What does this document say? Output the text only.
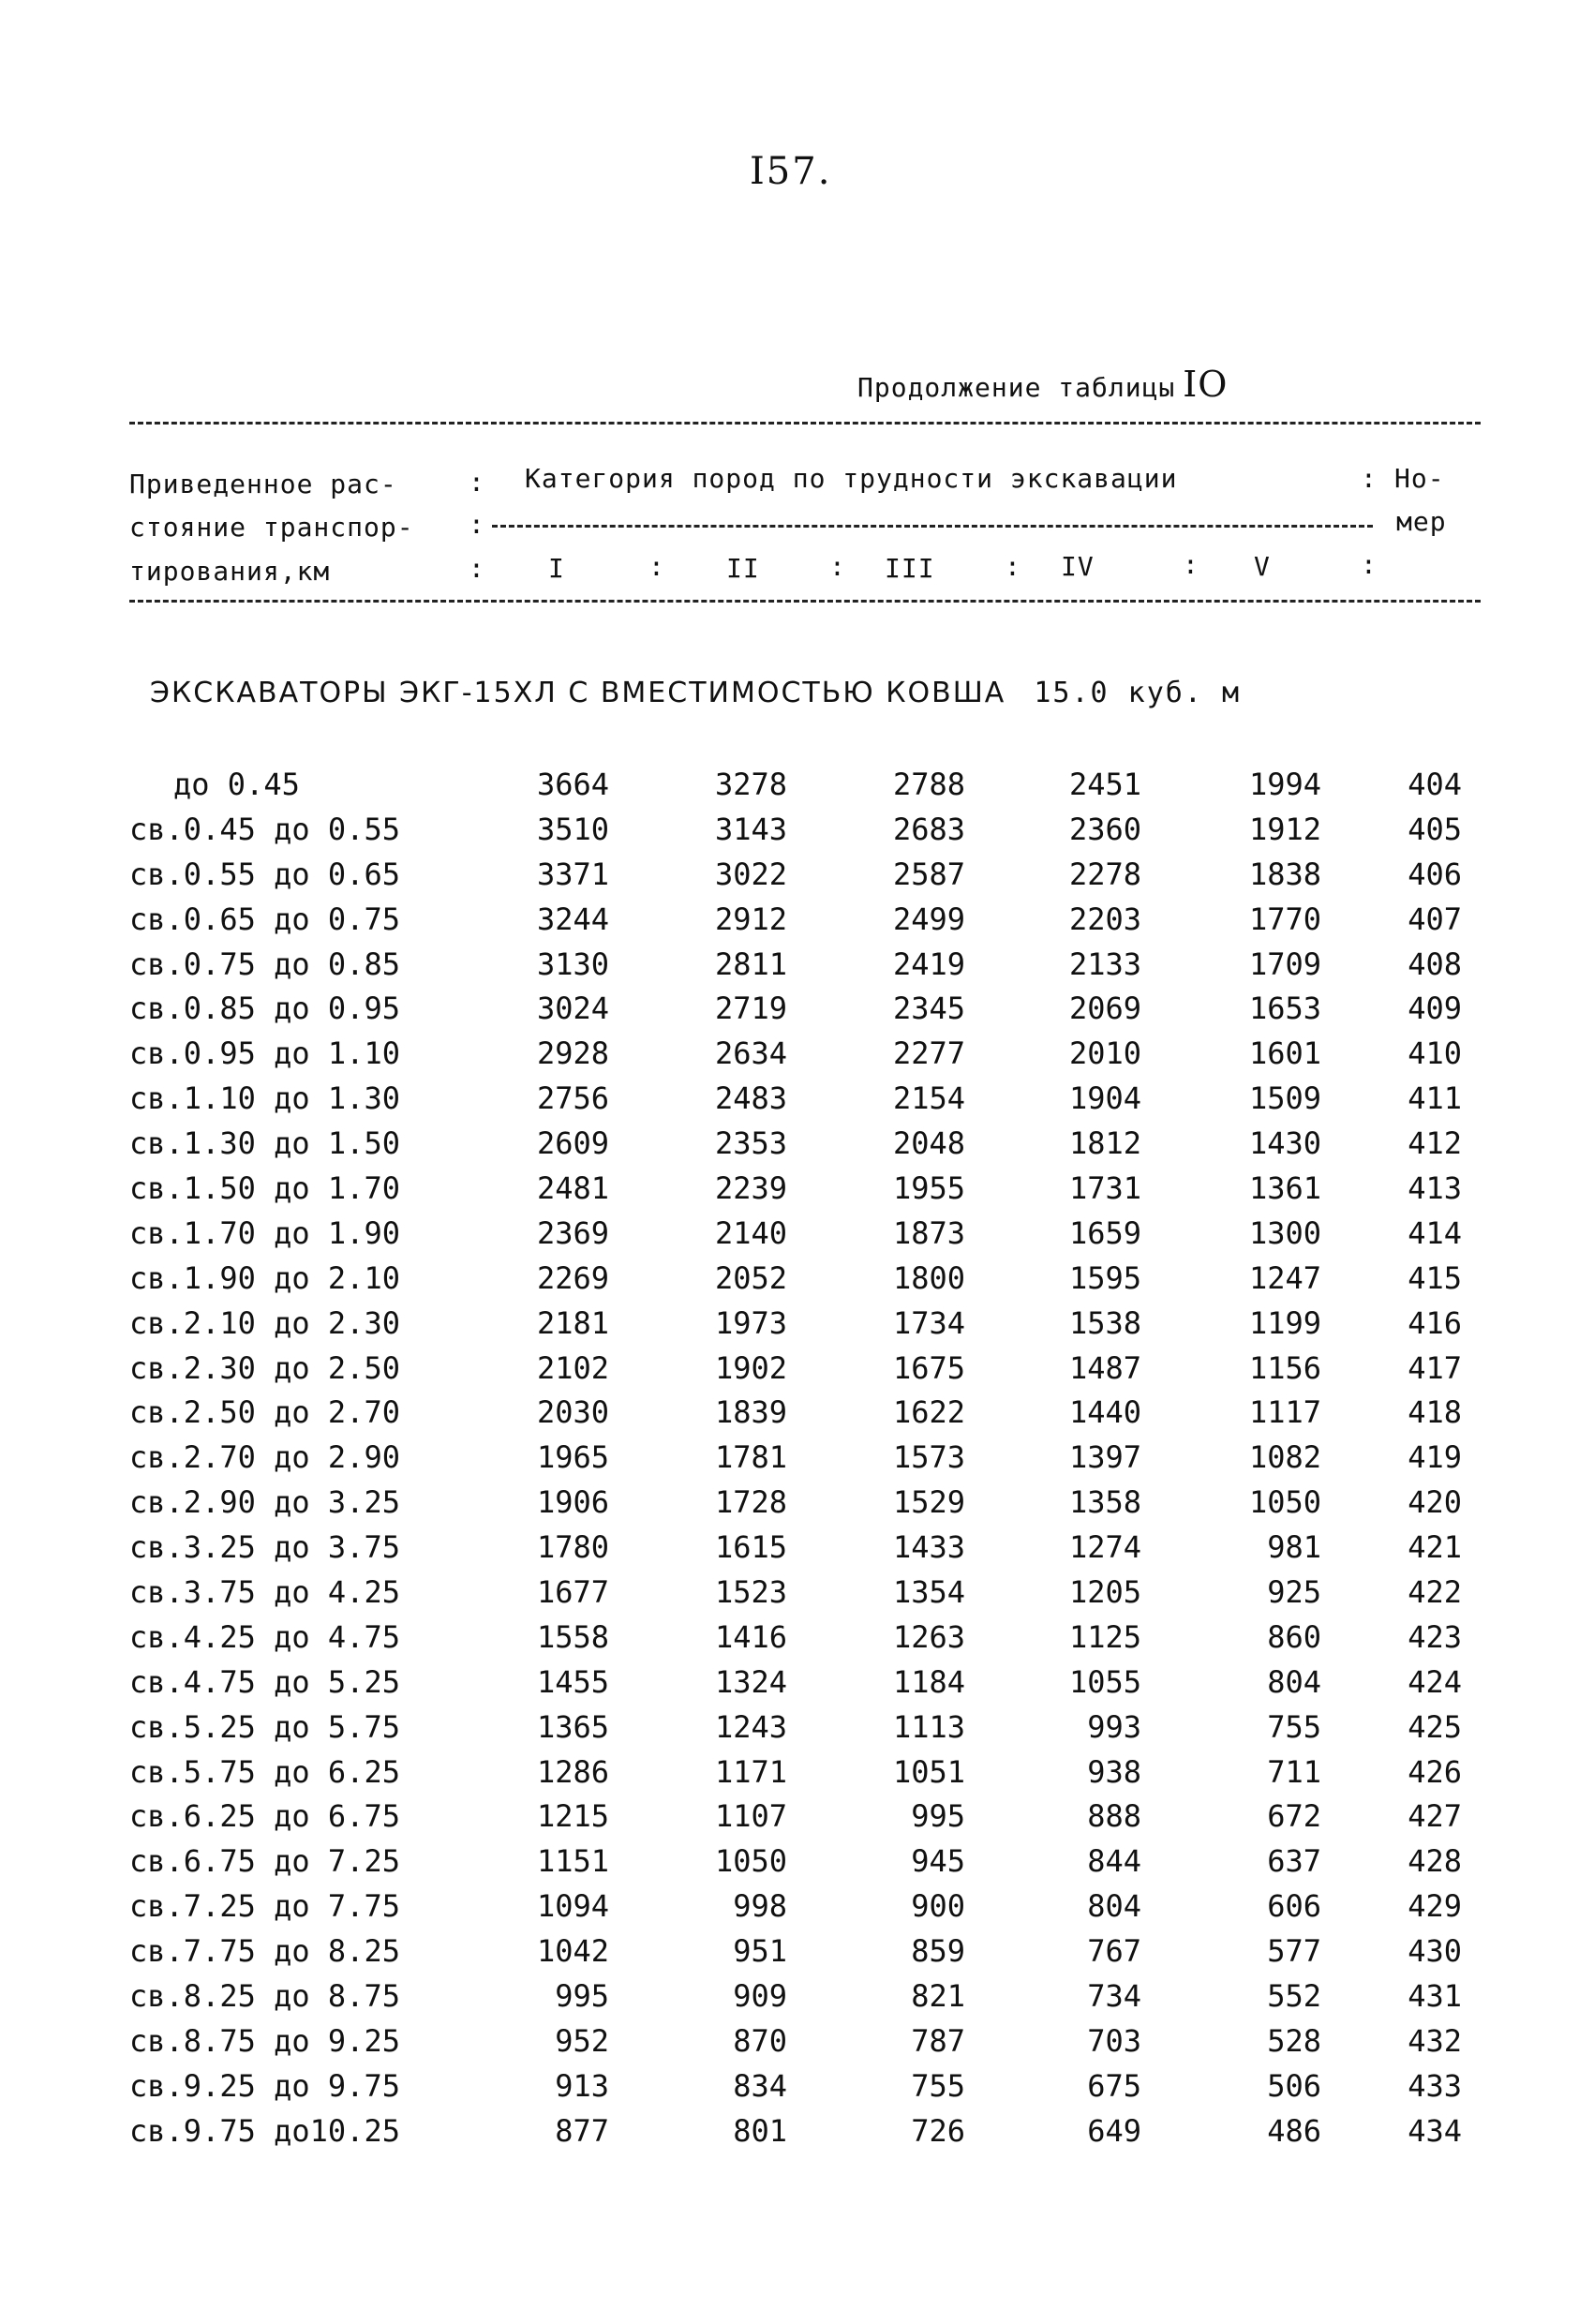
I57.
Продолжение таблицы IO
Приведенное рас-
стояние транспор-
тирования,км
:
:
:
Категория пород по трудности экскавации	: Но-
мер
I	: II	: III	: IV	: V	:
ЭКСКАВАТОРЫ ЭКГ-15ХЛ С ВМЕСТИМОСТЬЮ КОВША 15.0 куб. м
до 0.45	3664	3278	2788	2451	1994	404
св.0.45 до 0.55	3510	3143	2683	2360	1912	405
св.0.55 до 0.65	3371	3022	2587	2278	1838	406
св.0.65 до 0.75	3244	2912	2499	2203	1770	407
св.0.75 до 0.85	3130	2811	2419	2133	1709	408
св.0.85 до 0.95	3024	2719	2345	2069	1653	409
св.0.95 до 1.10	2928	2634	2277	2010	1601	410
св.1.10 до 1.30	2756	2483	2154	1904	1509	411
св.1.30 до 1.50	2609	2353	2048	1812	1430	412
св.1.50 до 1.70	2481	2239	1955	1731	1361	413
св.1.70 до 1.90	2369	2140	1873	1659	1300	414
св.1.90 до 2.10	2269	2052	1800	1595	1247	415
св.2.10 до 2.30	2181	1973	1734	1538	1199	416
св.2.30 до 2.50	2102	1902	1675	1487	1156	417
св.2.50 до 2.70	2030	1839	1622	1440	1117	418
св.2.70 до 2.90	1965	1781	1573	1397	1082	419
св.2.90 до 3.25	1906	1728	1529	1358	1050	420
св.3.25 до 3.75	1780	1615	1433	1274	981	421
св.3.75 до 4.25	1677	1523	1354	1205	925	422
св.4.25 до 4.75	1558	1416	1263	1125	860	423
св.4.75 до 5.25	1455	1324	1184	1055	804	424
св.5.25 до 5.75	1365	1243	1113	993	755	425
св.5.75 до 6.25	1286	1171	1051	938	711	426
св.6.25 до 6.75	1215	1107	995	888	672	427
св.6.75 до 7.25	1151	1050	945	844	637	428
св.7.25 до 7.75	1094	998	900	804	606	429
св.7.75 до 8.25	1042	951	859	767	577	430
св.8.25 до 8.75	995	909	821	734	552	431
св.8.75 до 9.25	952	870	787	703	528	432
св.9.25 до 9.75	913	834	755	675	506	433
св.9.75 до10.25	877	801	726	649	486	434
